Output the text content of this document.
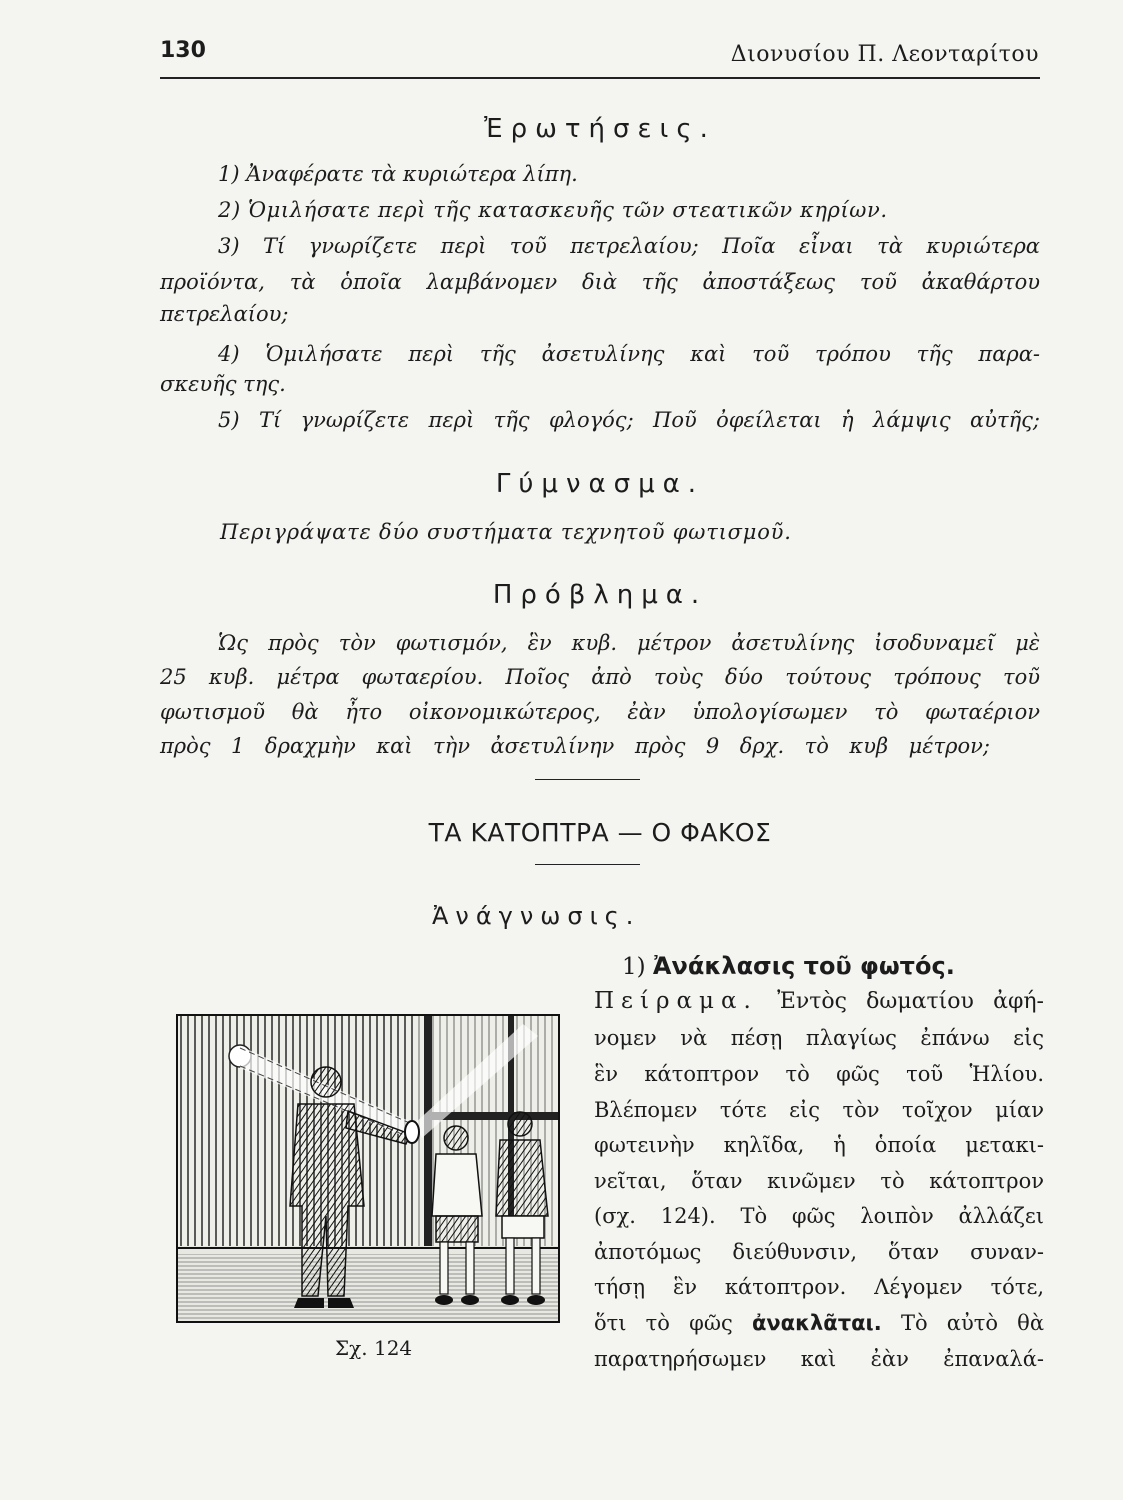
130	Διονυσίου Π. Λεονταρίτου
Ἐρωτήσεις.
1) Ἀναφέρατε τὰ κυριώτερα λίπη.
2) Ὁμιλήσατε περὶ τῆς κατασκευῆς τῶν στεατικῶν κηρίων.
3) Τί γνωρίζετε περὶ τοῦ πετρελαίου; Ποῖα εἶναι τὰ κυριώτερα
προϊόντα, τὰ ὁποῖα λαμβάνομεν διὰ τῆς ἀποστάξεως τοῦ ἀκαθάρτου
πετρελαίου;
4) Ὁμιλήσατε περὶ τῆς ἀσετυλίνης καὶ τοῦ τρόπου τῆς παρα-
σκευῆς της.
5) Τί γνωρίζετε περὶ τῆς φλογός; Ποῦ ὀφείλεται ἡ λάμψις αὐτῆς;
Γύμνασμα.
Περιγράψατε δύο συστήματα τεχνητοῦ φωτισμοῦ.
Πρόβλημα.
Ὡς πρὸς τὸν φωτισμόν, ἓν κυβ. μέτρον ἀσετυλίνης ἰσοδυναμεῖ μὲ
25 κυβ. μέτρα φωταερίου. Ποῖος ἀπὸ τοὺς δύο τούτους τρόπους τοῦ
φωτισμοῦ θὰ ἦτο οἰκονομικώτερος, ἐὰν ὑπολογίσωμεν τὸ φωταέριον
πρὸς 1 δραχμὴν καὶ τὴν ἀσετυλίνην πρὸς 9 δρχ. τὸ κυβ μέτρον;
ΤΑ ΚΑΤΟΠΤΡΑ — Ο ΦΑΚΟΣ
Ἀνάγνωσις.
1) Ἀνάκλασις τοῦ φωτός.
Πείραμα. Ἐντὸς δωματίου ἀφή-
νομεν νὰ πέσῃ πλαγίως ἐπάνω εἰς
ἓν κάτοπτρον τὸ φῶς τοῦ Ἡλίου.
Βλέπομεν τότε εἰς τὸν τοῖχον μίαν
φωτεινὴν κηλῖδα, ἡ ὁποία μετακι-
νεῖται, ὅταν κινῶμεν τὸ κάτοπτρον
(σχ. 124). Τὸ φῶς λοιπὸν ἀλλάζει
ἀποτόμως διεύθυνσιν, ὅταν συναν-
τήσῃ ἓν κάτοπτρον. Λέγομεν τότε,
ὅτι τὸ φῶς ἀνακλᾶται. Τὸ αὐτὸ θὰ
παρατηρήσωμεν καὶ ἐὰν ἐπαναλά-
Σχ. 124
